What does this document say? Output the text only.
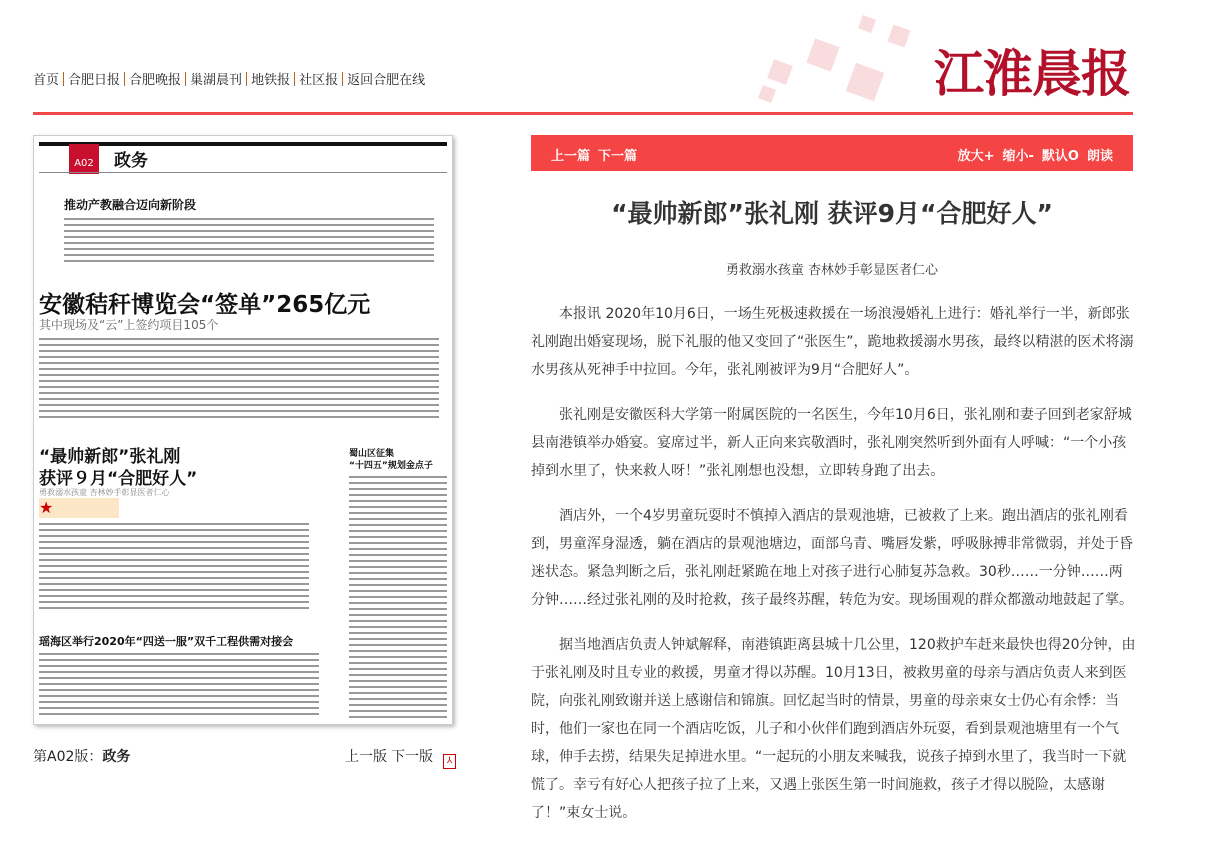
首页 合肥日报 合肥晚报 巢湖晨刊 地铁报 社区报 返回合肥在线	江淮晨报
A02	政务
推动产教融合迈向新阶段
安徽秸秆博览会“签单”265亿元
其中现场及“云”上签约项目105个
“最帅新郎”张礼刚
获评９月“合肥好人”
勇救溺水孩童 杏林妙手彰显医者仁心
★
蜀山区征集
“十四五”规划金点子
瑶海区举行2020年“四送一服”双千工程供需对接会
第A02版：政务	上一版 下一版 ⅄
上一篇 下一篇	放大+ 缩小- 默认O 朗读
“最帅新郎”张礼刚 获评9月“合肥好人”
勇救溺水孩童 杏林妙手彰显医者仁心

本报讯 2020年10月6日，一场生死极速救援在一场浪漫婚礼上进行：婚礼举行一半，新郎张礼刚跑出婚宴现场，脱下礼服的他又变回了“张医生”，跪地救援溺水男孩，最终以精湛的医术将溺水男孩从死神手中拉回。今年，张礼刚被评为9月“合肥好人”。

张礼刚是安徽医科大学第一附属医院的一名医生，今年10月6日，张礼刚和妻子回到老家舒城县南港镇举办婚宴。宴席过半，新人正向来宾敬酒时，张礼刚突然听到外面有人呼喊：“一个小孩掉到水里了，快来救人呀！”张礼刚想也没想，立即转身跑了出去。

酒店外，一个4岁男童玩耍时不慎掉入酒店的景观池塘，已被救了上来。跑出酒店的张礼刚看到，男童浑身湿透，躺在酒店的景观池塘边，面部乌青、嘴唇发紫，呼吸脉搏非常微弱，并处于昏迷状态。紧急判断之后，张礼刚赶紧跪在地上对孩子进行心肺复苏急救。30秒……一分钟……两分钟……经过张礼刚的及时抢救，孩子最终苏醒，转危为安。现场围观的群众都激动地鼓起了掌。

据当地酒店负责人钟斌解释，南港镇距离县城十几公里，120救护车赶来最快也得20分钟，由于张礼刚及时且专业的救援，男童才得以苏醒。10月13日，被救男童的母亲与酒店负责人来到医院，向张礼刚致谢并送上感谢信和锦旗。回忆起当时的情景，男童的母亲束女士仍心有余悸：当时，他们一家也在同一个酒店吃饭，儿子和小伙伴们跑到酒店外玩耍，看到景观池塘里有一个气球，伸手去捞，结果失足掉进水里。“一起玩的小朋友来喊我，说孩子掉到水里了，我当时一下就慌了。幸亏有好心人把孩子拉了上来，又遇上张医生第一时间施救，孩子才得以脱险，太感谢了！”束女士说。
